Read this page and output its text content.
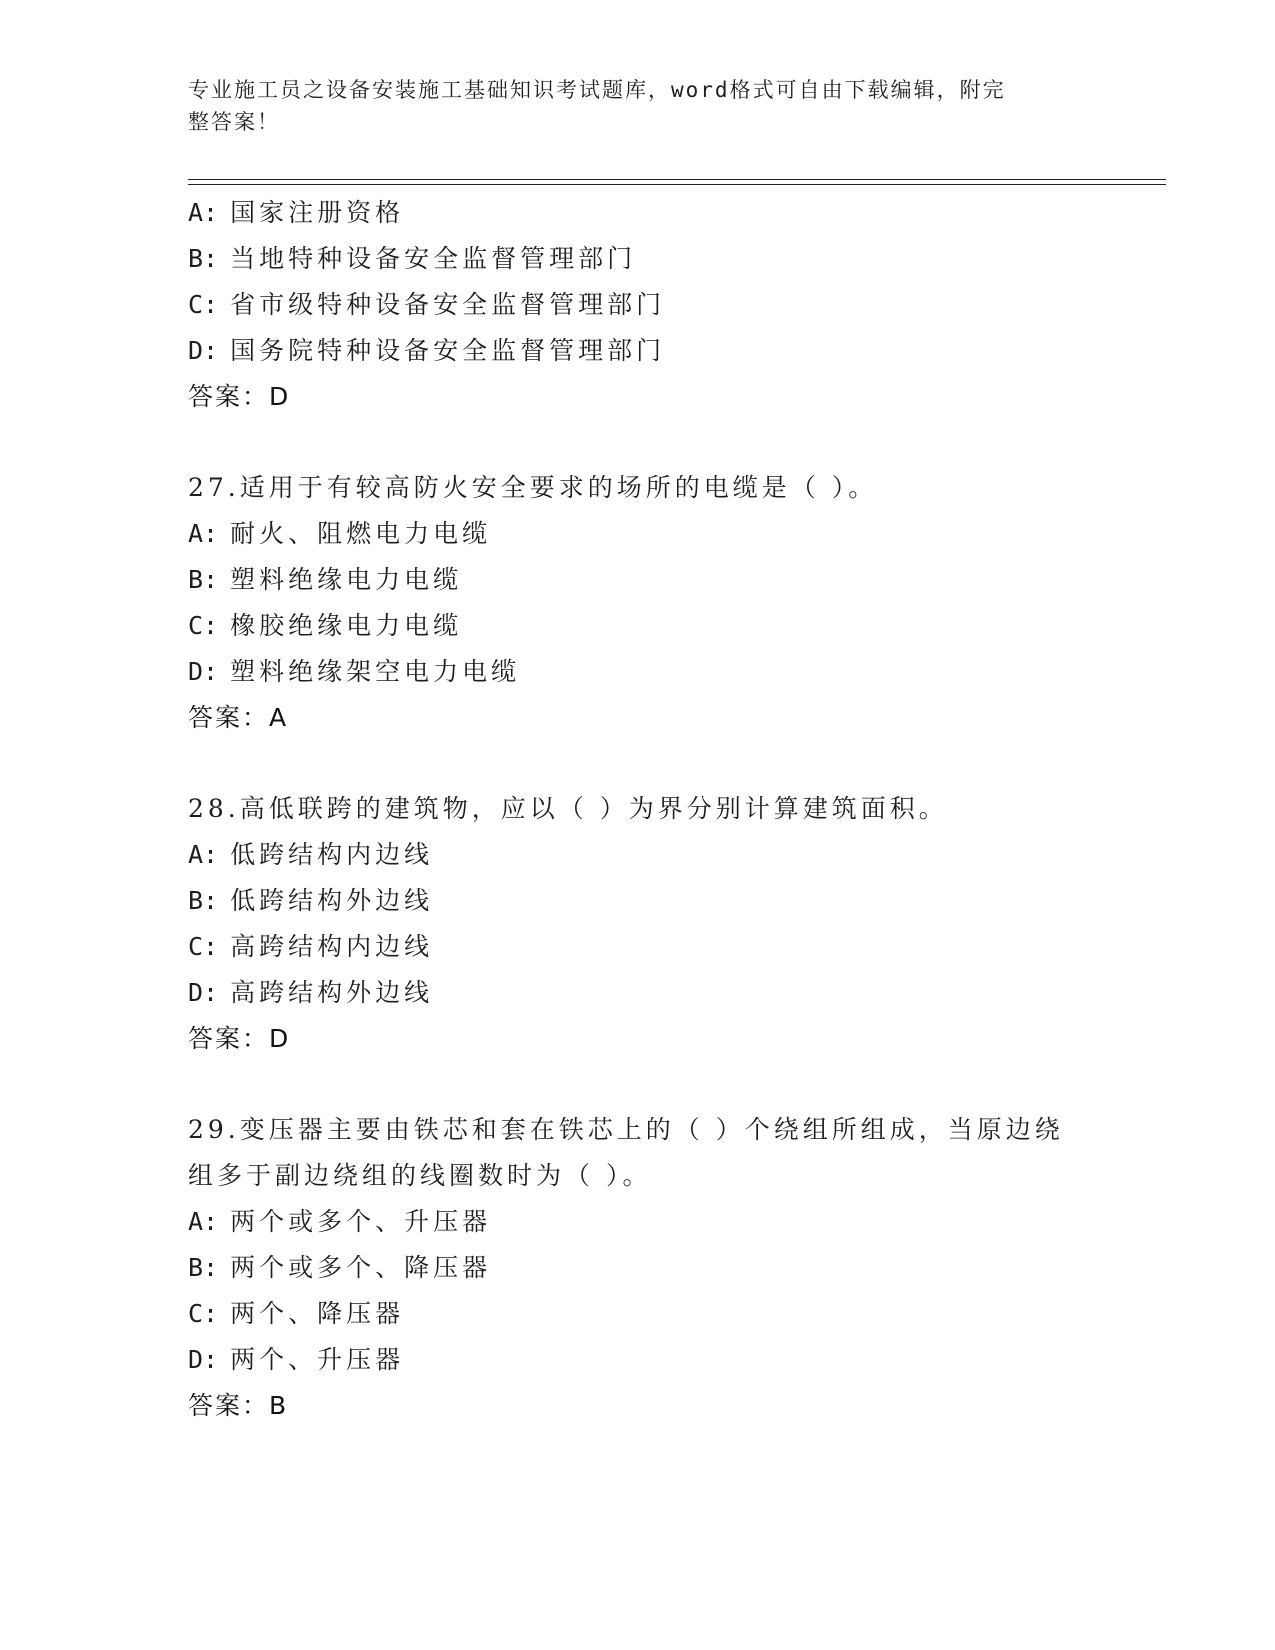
专业施工员之设备安装施工基础知识考试题库，word格式可自由下载编辑，附完
整答案！
A: 国家注册资格
B: 当地特种设备安全监督管理部门
C: 省市级特种设备安全监督管理部门
D: 国务院特种设备安全监督管理部门
答案：D
27.适用于有较高防火安全要求的场所的电缆是（ ）。
A: 耐火、阻燃电力电缆
B: 塑料绝缘电力电缆
C: 橡胶绝缘电力电缆
D: 塑料绝缘架空电力电缆
答案：A
28.高低联跨的建筑物，应以（ ）为界分别计算建筑面积。
A: 低跨结构内边线
B: 低跨结构外边线
C: 高跨结构内边线
D: 高跨结构外边线
答案：D
29.变压器主要由铁芯和套在铁芯上的（ ）个绕组所组成，当原边绕
组多于副边绕组的线圈数时为（ ）。
A: 两个或多个、升压器
B: 两个或多个、降压器
C: 两个、降压器
D: 两个、升压器
答案：B
